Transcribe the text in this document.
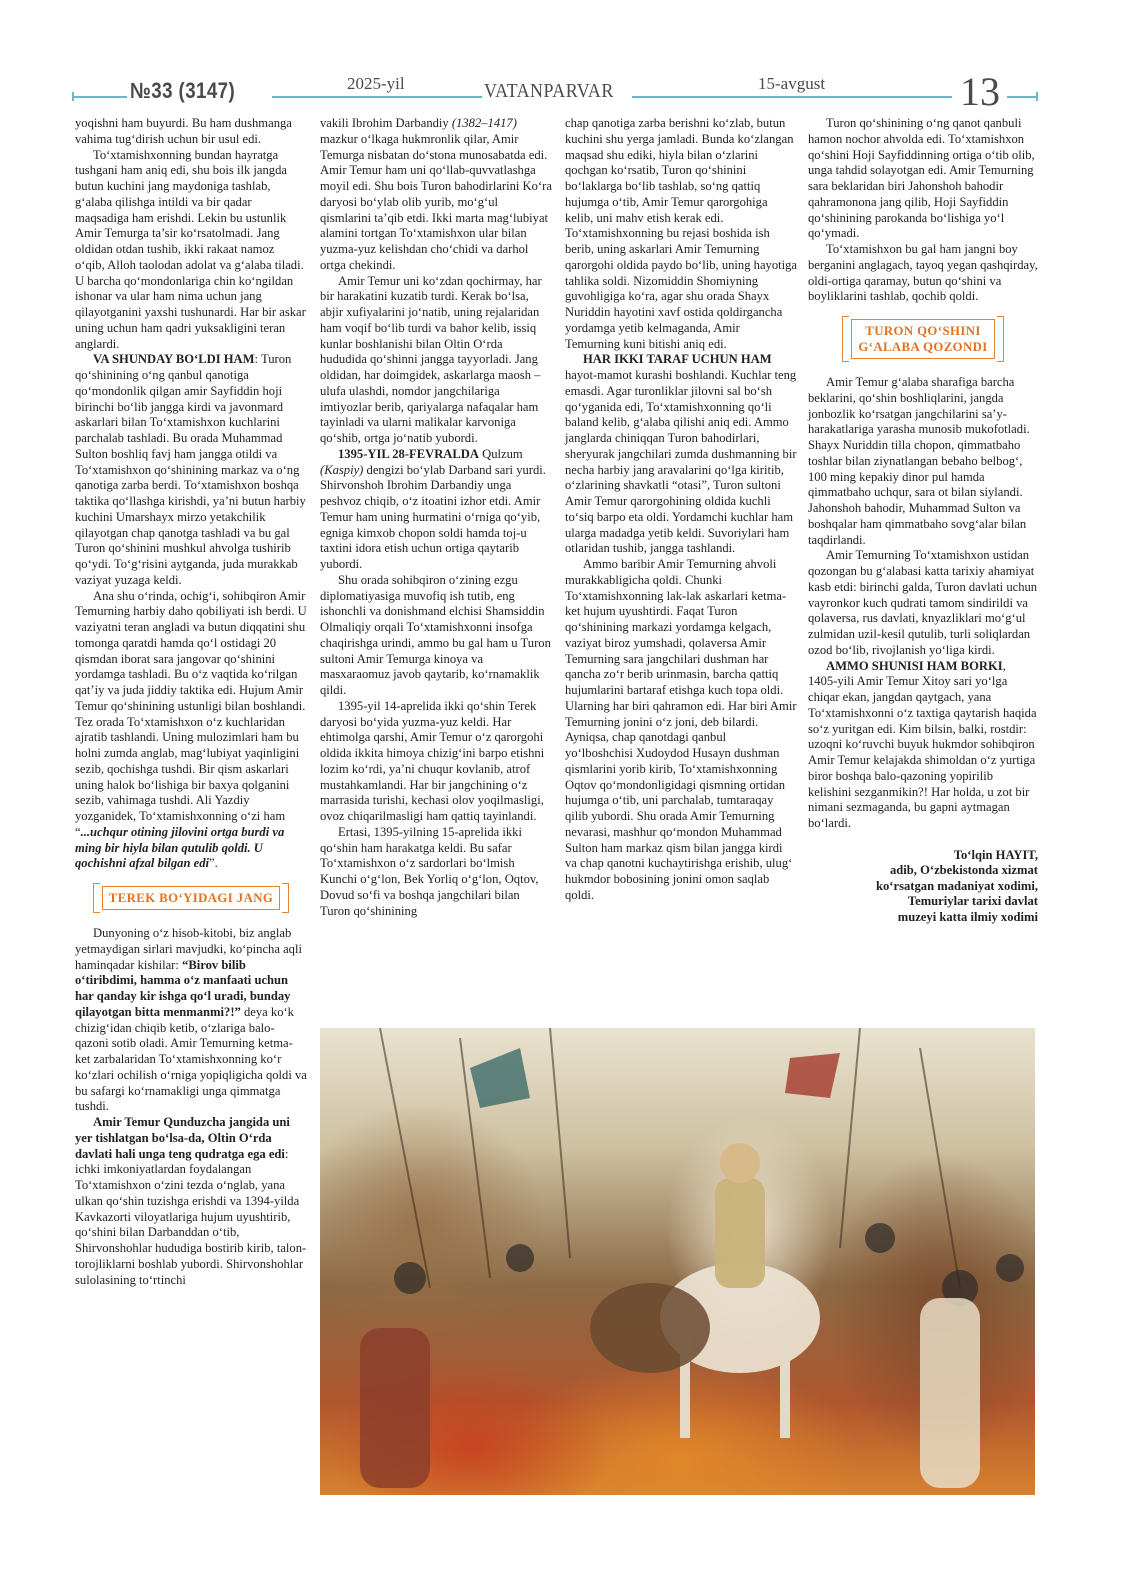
№33 (3147)	2025-yil	VATANPARVAR	15-avgust	13

yoqishni ham buyurdi. Bu ham dushmanga vahima tug‘dirish uchun bir usul edi.

To‘xtamishxonning bundan hayratga tushgani ham aniq edi, shu bois ilk jangda butun kuchini jang maydoniga tashlab, g‘alaba qilishga intildi va bir qadar maqsadiga ham erishdi. Lekin bu ustunlik Amir Temurga ta’sir ko‘rsatolmadi. Jang oldidan otdan tushib, ikki rakaat namoz o‘qib, Alloh taolodan adolat va g‘alaba tiladi. U barcha qo‘mondonlariga chin ko‘ngildan ishonar va ular ham nima uchun jang qilayotganini yaxshi tushunardi. Har bir askar uning uchun ham qadri yuksakligini teran anglardi.

VA SHUNDAY BO‘LDI HAM: Turon qo‘shinining o‘ng qanbul qanotiga qo‘mondonlik qilgan amir Sayfiddin hoji birinchi bo‘lib jangga kirdi va javonmard askarlari bilan To‘xtamishxon kuchlarini parchalab tashladi. Bu orada Muhammad Sulton boshliq favj ham jangga otildi va To‘xtamishxon qo‘shinining markaz va o‘ng qanotiga zarba berdi. To‘xtamishxon boshqa taktika qo‘llashga kirishdi, ya’ni butun harbiy kuchini Umarshayx mirzo yetakchilik qilayotgan chap qanotga tashladi va bu gal Turon qo‘shinini mushkul ahvolga tushirib qo‘ydi. To‘g‘risini aytganda, juda murakkab vaziyat yuzaga keldi.

Ana shu o‘rinda, ochig‘i, sohibqiron Amir Temurning harbiy daho qobiliyati ish berdi. U vaziyatni teran angladi va butun diqqatini shu tomonga qaratdi hamda qo‘l ostidagi 20 qismdan iborat sara jangovar qo‘shinini yordamga tashladi. Bu o‘z vaqtida ko‘rilgan qat’iy va juda jiddiy taktika edi. Hujum Amir Temur qo‘shinining ustunligi bilan boshlandi. Tez orada To‘xtamishxon o‘z kuchlaridan ajratib tashlandi. Uning mulozimlari ham bu holni zumda anglab, mag‘lubiyat yaqinligini sezib, qochishga tushdi. Bir qism askarlari uning halok bo‘lishiga bir baxya qolganini sezib, vahimaga tushdi. Ali Yazdiy yozganidek, To‘xtamishxonning o‘zi ham “...uchqur otining jilovini ortga burdi va ming bir hiyla bilan qutulib qoldi. U qochishni afzal bilgan edi”.

TEREK BO‘YIDAGI JANG

Dunyoning o‘z hisob-kitobi, biz anglab yetmaydigan sirlari mavjudki, ko‘pincha aqli haminqadar kishilar: “Birov bilib o‘tiribdimi, hamma o‘z manfaati uchun har qanday kir ishga qo‘l uradi, bunday qilayotgan bitta menmanmi?!” deya ko‘k chizig‘idan chiqib ketib, o‘zlariga balo-qazoni sotib oladi. Amir Temurning ketma-ket zarbalaridan To‘xtamishxonning ko‘r ko‘zlari ochilish o‘rniga yopiqligicha qoldi va bu safargi ko‘rnamakligi unga qimmatga tushdi.

Amir Temur Qunduzcha jangida uni yer tishlatgan bo‘lsa-da, Oltin O‘rda davlati hali unga teng qudratga ega edi: ichki imkoniyatlardan foydalangan To‘xtamishxon o‘zini tezda o‘nglab, yana ulkan qo‘shin tuzishga erishdi va 1394-yilda Kavkazorti viloyatlariga hujum uyushtirib, qo‘shini bilan Darbanddan o‘tib, Shirvonshohlar hududiga bostirib kirib, talon-torojliklarni boshlab yubordi. Shirvonshohlar sulolasining to‘rtinchi

vakili Ibrohim Darbandiy (1382–1417) mazkur o‘lkaga hukmronlik qilar, Amir Temurga nisbatan do‘stona munosabatda edi. Amir Temur ham uni qo‘llab-quvvatlashga moyil edi. Shu bois Turon bahodirlarini Ko‘ra daryosi bo‘ylab olib yurib, mo‘g‘ul qismlarini ta’qib etdi. Ikki marta mag‘lubiyat alamini tortgan To‘xtamishxon ular bilan yuzma-yuz kelishdan cho‘chidi va darhol ortga chekindi.

Amir Temur uni ko‘zdan qochirmay, har bir harakatini kuzatib turdi. Kerak bo‘lsa, abjir xufiyalarini jo‘natib, uning rejalaridan ham voqif bo‘lib turdi va bahor kelib, issiq kunlar boshlanishi bilan Oltin O‘rda hududida qo‘shinni jangga tayyorladi. Jang oldidan, har doimgidek, askarlarga maosh – ulufa ulashdi, nomdor jangchilariga imtiyozlar berib, qariyalarga nafaqalar ham tayinladi va ularni malikalar karvoniga qo‘shib, ortga jo‘natib yubordi.

1395-YIL 28-FEVRALDA Qulzum (Kaspiy) dengizi bo‘ylab Darband sari yurdi. Shirvonshoh Ibrohim Darbandiy unga peshvoz chiqib, o‘z itoatini izhor etdi. Amir Temur ham uning hurmatini o‘rniga qo‘yib, egniga kimxob chopon soldi hamda toj-u taxtini idora etish uchun ortiga qaytarib yubordi.

Shu orada sohibqiron o‘zining ezgu diplomatiyasiga muvofiq ish tutib, eng ishonchli va donishmand elchisi Shamsiddin Olmaliqiy orqali To‘xtamishxonni insofga chaqirishga urindi, ammo bu gal ham u Turon sultoni Amir Temurga kinoya va masxaraomuz javob qaytarib, ko‘rnamaklik qildi.

1395-yil 14-aprelida ikki qo‘shin Terek daryosi bo‘yida yuzma-yuz keldi. Har ehtimolga qarshi, Amir Temur o‘z qarorgohi oldida ikkita himoya chizig‘ini barpo etishni lozim ko‘rdi, ya’ni chuqur kovlanib, atrof mustahkamlandi. Har bir jangchining o‘z marrasida turishi, kechasi olov yoqilmasligi, ovoz chiqarilmasligi ham qattiq tayinlandi.

Ertasi, 1395-yilning 15-aprelida ikki qo‘shin ham harakatga keldi. Bu safar To‘xtamishxon o‘z sardorlari bo‘lmish Kunchi o‘g‘lon, Bek Yorliq o‘g‘lon, Oqtov, Dovud so‘fi va boshqa jangchilari bilan Turon qo‘shinining

chap qanotiga zarba berishni ko‘zlab, butun kuchini shu yerga jamladi. Bunda ko‘zlangan maqsad shu ediki, hiyla bilan o‘zlarini qochgan ko‘rsatib, Turon qo‘shinini bo‘laklarga bo‘lib tashlab, so‘ng qattiq hujumga o‘tib, Amir Temur qarorgohiga kelib, uni mahv etish kerak edi. To‘xtamishxonning bu rejasi boshida ish berib, uning askarlari Amir Temurning qarorgohi oldida paydo bo‘lib, uning hayotiga tahlika soldi. Nizomiddin Shomiyning guvohligiga ko‘ra, agar shu orada Shayx Nuriddin hayotini xavf ostida qoldirgancha yordamga yetib kelmaganda, Amir Temurning kuni bitishi aniq edi.

HAR IKKI TARAF UCHUN HAM hayot-mamot kurashi boshlandi. Kuchlar teng emasdi. Agar turonliklar jilovni sal bo‘sh qo‘yganida edi, To‘xtamishxonning qo‘li baland kelib, g‘alaba qilishi aniq edi. Ammo janglarda chiniqqan Turon bahodirlari, sheryurak jangchilari zumda dushmanning bir necha harbiy jang aravalarini qo‘lga kiritib, o‘zlarining shavkatli “otasi”, Turon sultoni Amir Temur qarorgohining oldida kuchli to‘siq barpo eta oldi. Yordamchi kuchlar ham ularga madadga yetib keldi. Suvoriylari ham otlaridan tushib, jangga tashlandi.

Ammo baribir Amir Temurning ahvoli murakkabligicha qoldi. Chunki To‘xtamishxonning lak-lak askarlari ketma-ket hujum uyushtirdi. Faqat Turon qo‘shinining markazi yordamga kelgach, vaziyat biroz yumshadi, qolaversa Amir Temurning sara jangchilari dushman har qancha zo‘r berib urinmasin, barcha qattiq hujumlarini bartaraf etishga kuch topa oldi. Ularning har biri qahramon edi. Har biri Amir Temurning jonini o‘z joni, deb bilardi. Ayniqsa, chap qanotdagi qanbul yo‘lboshchisi Xudoydod Husayn dushman qismlarini yorib kirib, To‘xtamishxonning Oqtov qo‘mondonligidagi qismning ortidan hujumga o‘tib, uni parchalab, tumtaraqay qilib yubordi. Shu orada Amir Temurning nevarasi, mashhur qo‘mondon Muhammad Sulton ham markaz qism bilan jangga kirdi va chap qanotni kuchaytirishga erishib, ulug‘ hukmdor bobosining jonini omon saqlab qoldi.

Turon qo‘shinining o‘ng qanot qanbuli hamon nochor ahvolda edi. To‘xtamishxon qo‘shini Hoji Sayfiddinning ortiga o‘tib olib, unga tahdid solayotgan edi. Amir Temurning sara beklaridan biri Jahonshoh bahodir qahramonona jang qilib, Hoji Sayfiddin qo‘shinining parokanda bo‘lishiga yo‘l qo‘ymadi.

To‘xtamishxon bu gal ham jangni boy berganini anglagach, tayoq yegan qashqirday, oldi-ortiga qaramay, butun qo‘shini va boyliklarini tashlab, qochib qoldi.

TURON QO‘SHINI
G‘ALABA QOZONDI

Amir Temur g‘alaba sharafiga barcha beklarini, qo‘shin boshliqlarini, jangda jonbozlik ko‘rsatgan jangchilarini sa’y-harakatlariga yarasha munosib mukofotladi. Shayx Nuriddin tilla chopon, qimmatbaho toshlar bilan ziynatlangan bebaho belbog‘, 100 ming kepakiy dinor pul hamda qimmatbaho uchqur, sara ot bilan siylandi. Jahonshoh bahodir, Muhammad Sulton va boshqalar ham qimmatbaho sovg‘alar bilan taqdirlandi.

Amir Temurning To‘xtamishxon ustidan qozongan bu g‘alabasi katta tarixiy ahamiyat kasb etdi: birinchi galda, Turon davlati uchun vayronkor kuch qudrati tamom sindirildi va qolaversa, rus davlati, knyazliklari mo‘g‘ul zulmidan uzil-kesil qutulib, turli soliqlardan ozod bo‘lib, rivojlanish yo‘liga kirdi.

AMMO SHUNISI HAM BORKI, 1405-yili Amir Temur Xitoy sari yo‘lga chiqar ekan, jangdan qaytgach, yana To‘xtamishxonni o‘z taxtiga qaytarish haqida so‘z yuritgan edi. Kim bilsin, balki, rostdir: uzoqni ko‘ruvchi buyuk hukmdor sohibqiron Amir Temur kelajakda shimoldan o‘z yurtiga biror boshqa balo-qazoning yopirilib kelishini sezganmikin?! Har holda, u zot bir nimani sezmaganda, bu gapni aytmagan bo‘lardi.

To‘lqin HAYIT,
adib, O‘zbekistonda xizmat
ko‘rsatgan madaniyat xodimi,
Temuriylar tarixi davlat
muzeyi katta ilmiy xodimi
